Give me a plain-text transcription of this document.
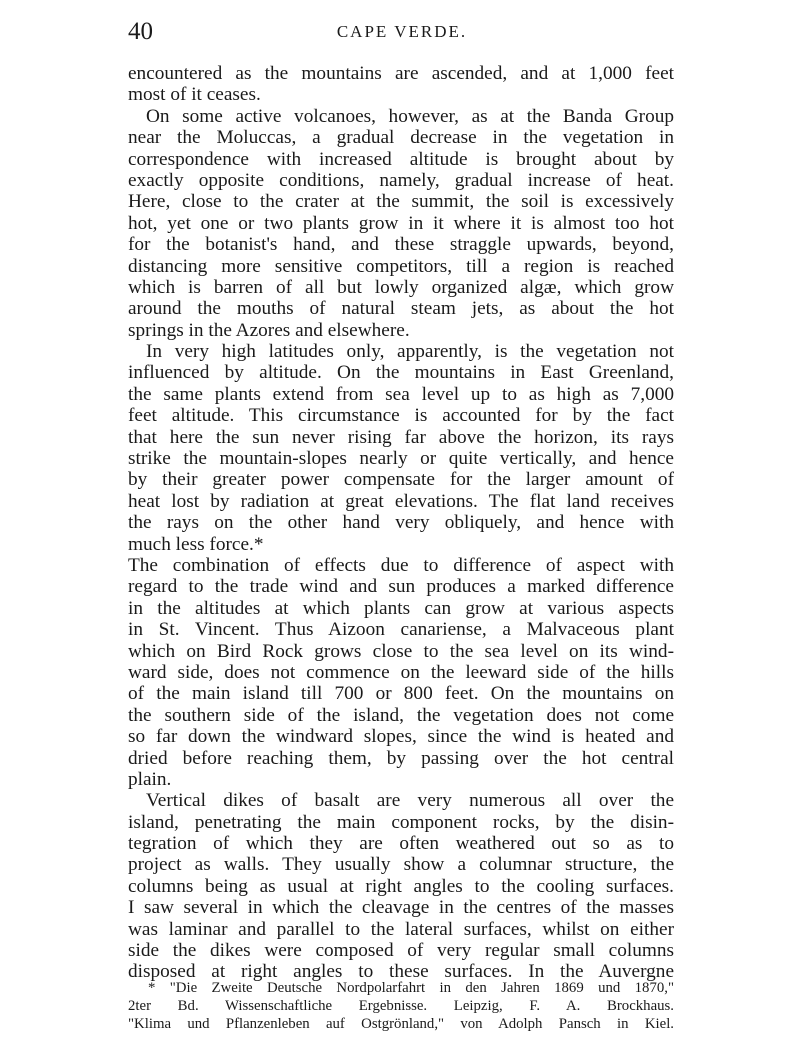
40	CAPE VERDE.
encountered as the mountains are ascended, and at 1,000 feet
most of it ceases.
On some active volcanoes, however, as at the Banda Group
near the Moluccas, a gradual decrease in the vegetation in
correspondence with increased altitude is brought about by
exactly opposite conditions, namely, gradual increase of heat.
Here, close to the crater at the summit, the soil is excessively
hot, yet one or two plants grow in it where it is almost too hot
for the botanist's hand, and these straggle upwards, beyond,
distancing more sensitive competitors, till a region is reached
which is barren of all but lowly organized algæ, which grow
around the mouths of natural steam jets, as about the hot
springs in the Azores and elsewhere.
In very high latitudes only, apparently, is the vegetation not
influenced by altitude. On the mountains in East Greenland,
the same plants extend from sea level up to as high as 7,000
feet altitude. This circumstance is accounted for by the fact
that here the sun never rising far above the horizon, its rays
strike the mountain-slopes nearly or quite vertically, and hence
by their greater power compensate for the larger amount of
heat lost by radiation at great elevations. The flat land receives
the rays on the other hand very obliquely, and hence with
much less force.*
The combination of effects due to difference of aspect with
regard to the trade wind and sun produces a marked difference
in the altitudes at which plants can grow at various aspects
in St. Vincent. Thus Aizoon canariense, a Malvaceous plant
which on Bird Rock grows close to the sea level on its wind-
ward side, does not commence on the leeward side of the hills
of the main island till 700 or 800 feet. On the mountains on
the southern side of the island, the vegetation does not come
so far down the windward slopes, since the wind is heated and
dried before reaching them, by passing over the hot central
plain.
Vertical dikes of basalt are very numerous all over the
island, penetrating the main component rocks, by the disin-
tegration of which they are often weathered out so as to
project as walls. They usually show a columnar structure, the
columns being as usual at right angles to the cooling surfaces.
I saw several in which the cleavage in the centres of the masses
was laminar and parallel to the lateral surfaces, whilst on either
side the dikes were composed of very regular small columns
disposed at right angles to these surfaces. In the Auvergne
* "Die Zweite Deutsche Nordpolarfahrt in den Jahren 1869 und 1870,"
2ter Bd. Wissenschaftliche Ergebnisse. Leipzig, F. A. Brockhaus.
"Klima und Pflanzenleben auf Ostgrönland," von Adolph Pansch in Kiel.
